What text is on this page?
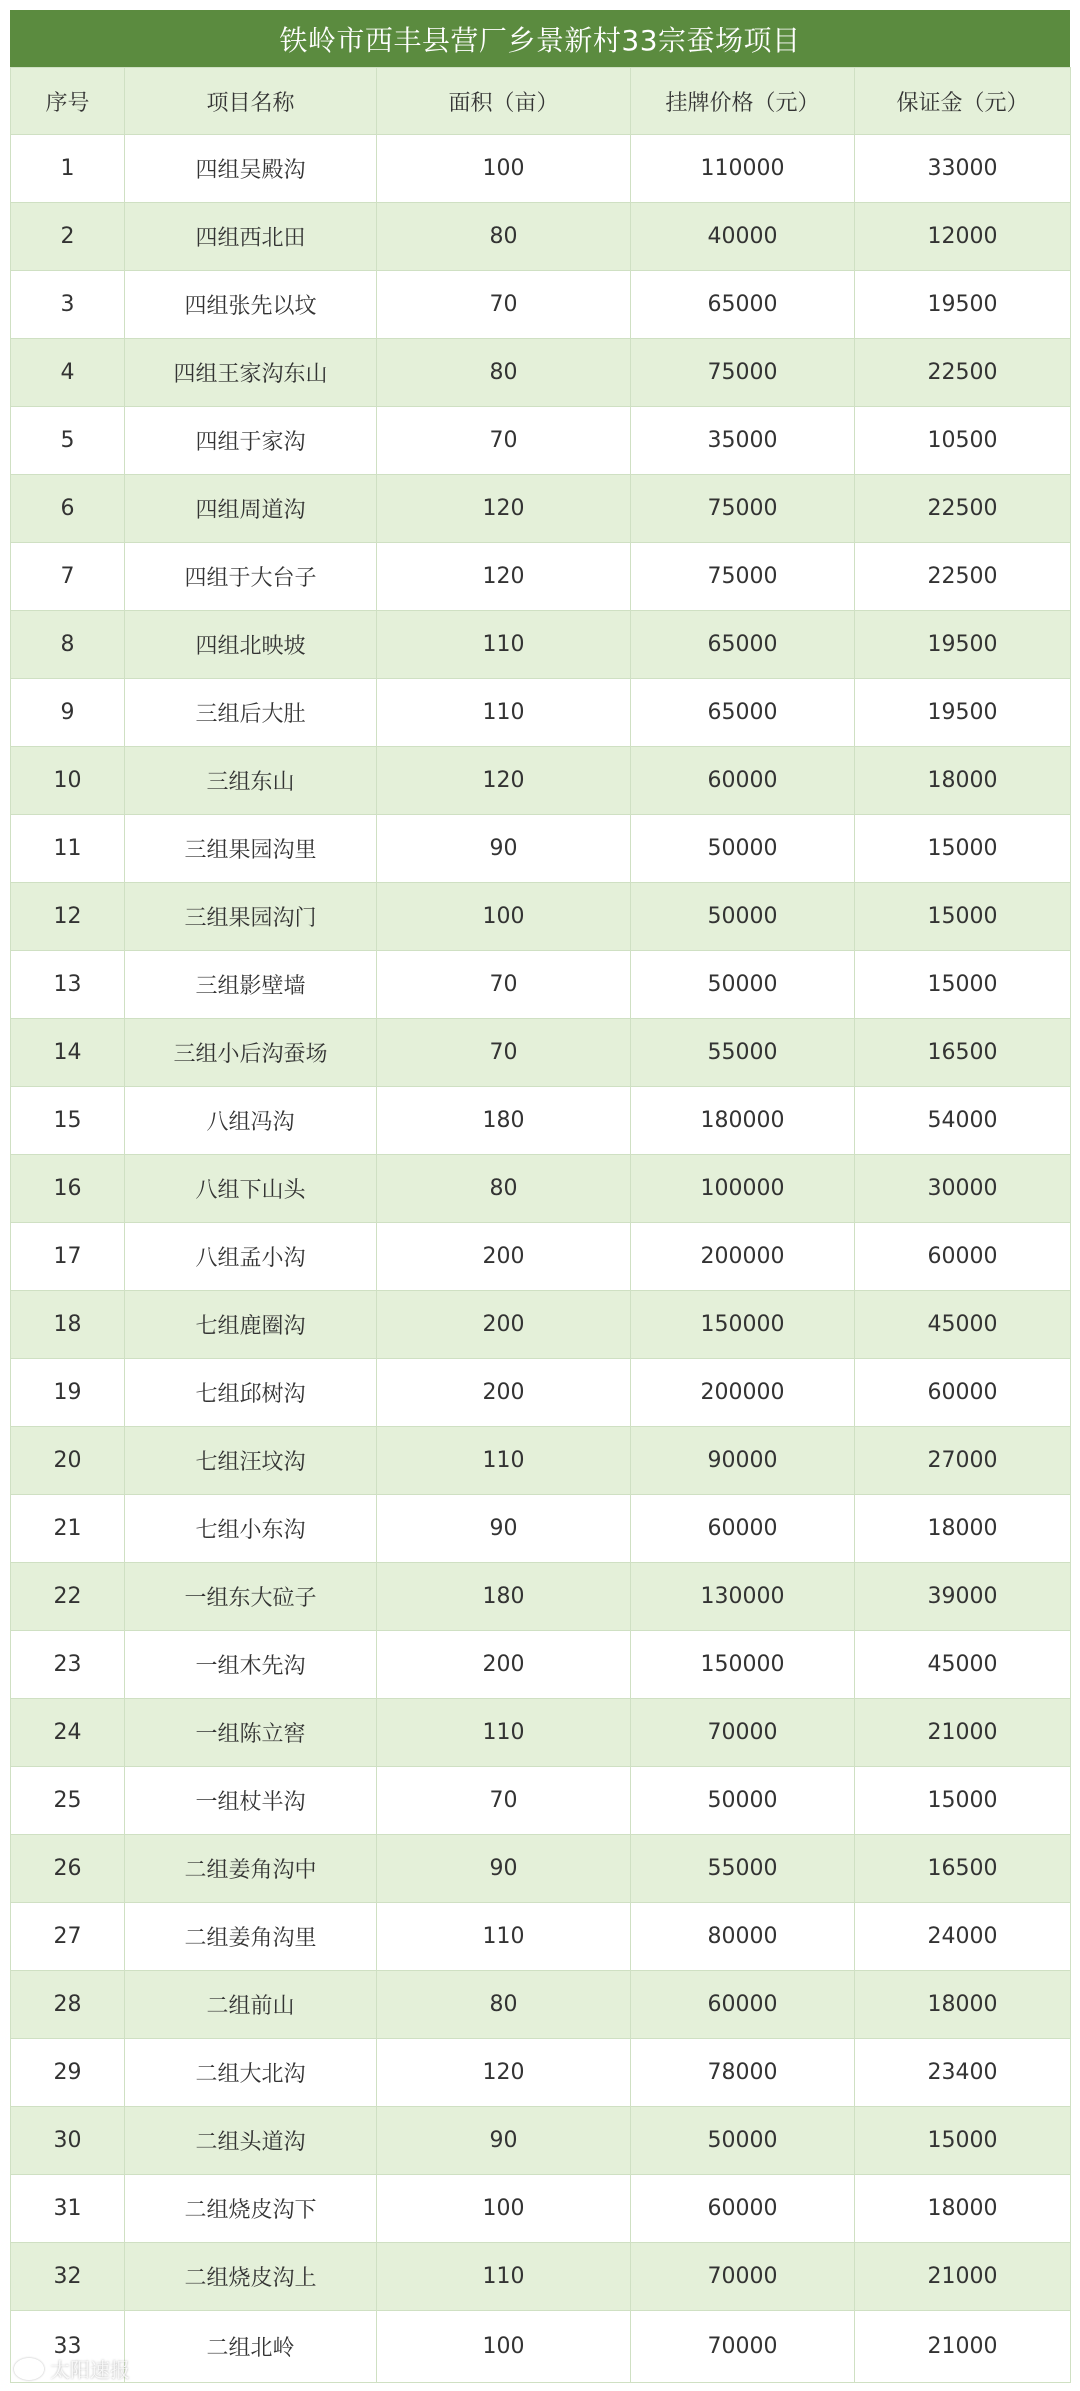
铁岭市西丰县营厂乡景新村33宗蚕场项目
序号	项目名称	面积（亩）	挂牌价格（元）	保证金（元）
1	四组吴殿沟	100	110000	33000
2	四组西北田	80	40000	12000
3	四组张先以坟	70	65000	19500
4	四组王家沟东山	80	75000	22500
5	四组于家沟	70	35000	10500
6	四组周道沟	120	75000	22500
7	四组于大台子	120	75000	22500
8	四组北映坡	110	65000	19500
9	三组后大肚	110	65000	19500
10	三组东山	120	60000	18000
11	三组果园沟里	90	50000	15000
12	三组果园沟门	100	50000	15000
13	三组影壁墙	70	50000	15000
14	三组小后沟蚕场	70	55000	16500
15	八组冯沟	180	180000	54000
16	八组下山头	80	100000	30000
17	八组孟小沟	200	200000	60000
18	七组鹿圈沟	200	150000	45000
19	七组邱树沟	200	200000	60000
20	七组汪坟沟	110	90000	27000
21	七组小东沟	90	60000	18000
22	一组东大砬子	180	130000	39000
23	一组木先沟	200	150000	45000
24	一组陈立窖	110	70000	21000
25	一组杖半沟	70	50000	15000
26	二组姜角沟中	90	55000	16500
27	二组姜角沟里	110	80000	24000
28	二组前山	80	60000	18000
29	二组大北沟	120	78000	23400
30	二组头道沟	90	50000	15000
31	二组烧皮沟下	100	60000	18000
32	二组烧皮沟上	110	70000	21000
33	二组北岭	100	70000	21000
太阳速报
